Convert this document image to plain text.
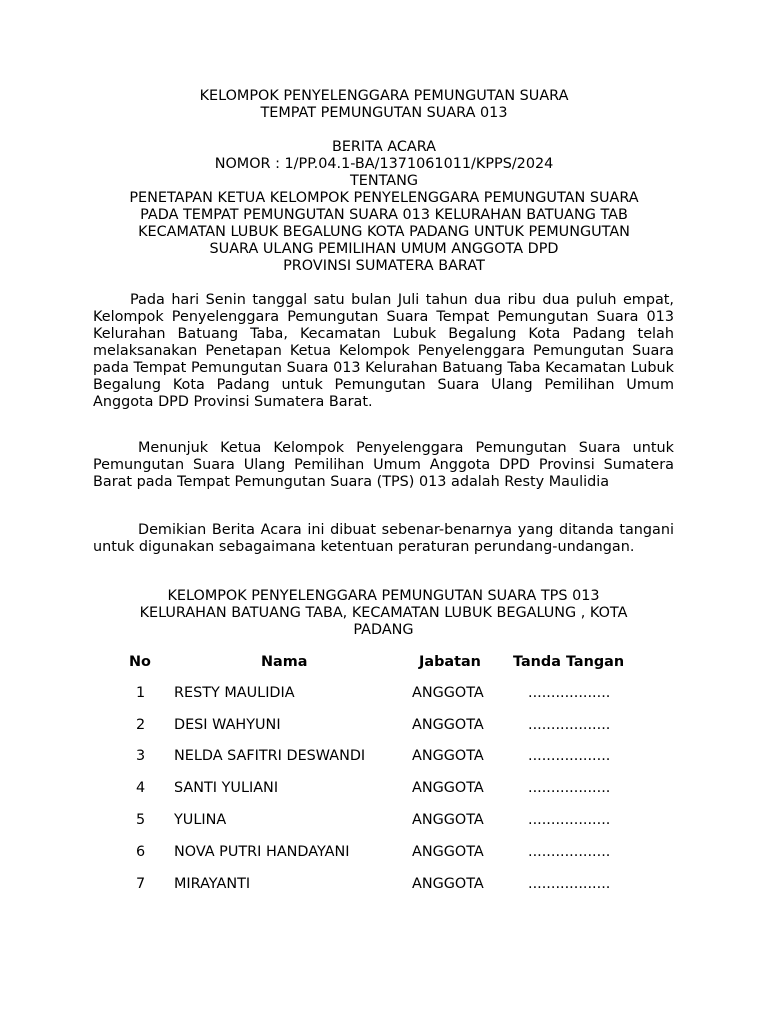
KELOMPOK PENYELENGGARA PEMUNGUTAN SUARA
TEMPAT PEMUNGUTAN SUARA 013
BERITA ACARA
NOMOR : 1/PP.04.1-BA/1371061011/KPPS/2024
TENTANG
PENETAPAN KETUA KELOMPOK PENYELENGGARA PEMUNGUTAN SUARA
PADA TEMPAT PEMUNGUTAN SUARA 013 KELURAHAN BATUANG TAB
KECAMATAN LUBUK BEGALUNG KOTA PADANG UNTUK PEMUNGUTAN
SUARA ULANG PEMILIHAN UMUM ANGGOTA DPD
PROVINSI SUMATERA BARAT
Pada hari Senin tanggal satu bulan Juli tahun dua ribu dua puluh empat, Kelompok Penyelenggara Pemungutan Suara Tempat Pemungutan Suara 013 Kelurahan Batuang Taba, Kecamatan Lubuk Begalung Kota Padang telah melaksanakan Penetapan Ketua Kelompok Penyelenggara Pemungutan Suara pada Tempat Pemungutan Suara 013 Kelurahan Batuang Taba Kecamatan Lubuk Begalung Kota Padang untuk Pemungutan Suara Ulang Pemilihan Umum Anggota DPD Provinsi Sumatera Barat.
Menunjuk Ketua Kelompok Penyelenggara Pemungutan Suara untuk Pemungutan Suara Ulang Pemilihan Umum Anggota DPD Provinsi Sumatera Barat pada Tempat Pemungutan Suara (TPS) 013 adalah Resty Maulidia
Demikian Berita Acara ini dibuat sebenar-benarnya yang ditanda tangani untuk digunakan sebagaimana ketentuan peraturan perundang-undangan.
KELOMPOK PENYELENGGARA PEMUNGUTAN SUARA TPS 013
KELURAHAN BATUANG TABA, KECAMATAN LUBUK BEGALUNG , KOTA
PADANG
No	Nama	Jabatan Tanda Tangan
1 RESTY MAULIDIA	ANGGOTA	..................
2 DESI WAHYUNI	ANGGOTA	..................
3 NELDA SAFITRI DESWANDI	ANGGOTA	..................
4 SANTI YULIANI	ANGGOTA	..................
5 YULINA	ANGGOTA	..................
6 NOVA PUTRI HANDAYANI	ANGGOTA	..................
7 MIRAYANTI	ANGGOTA	..................
